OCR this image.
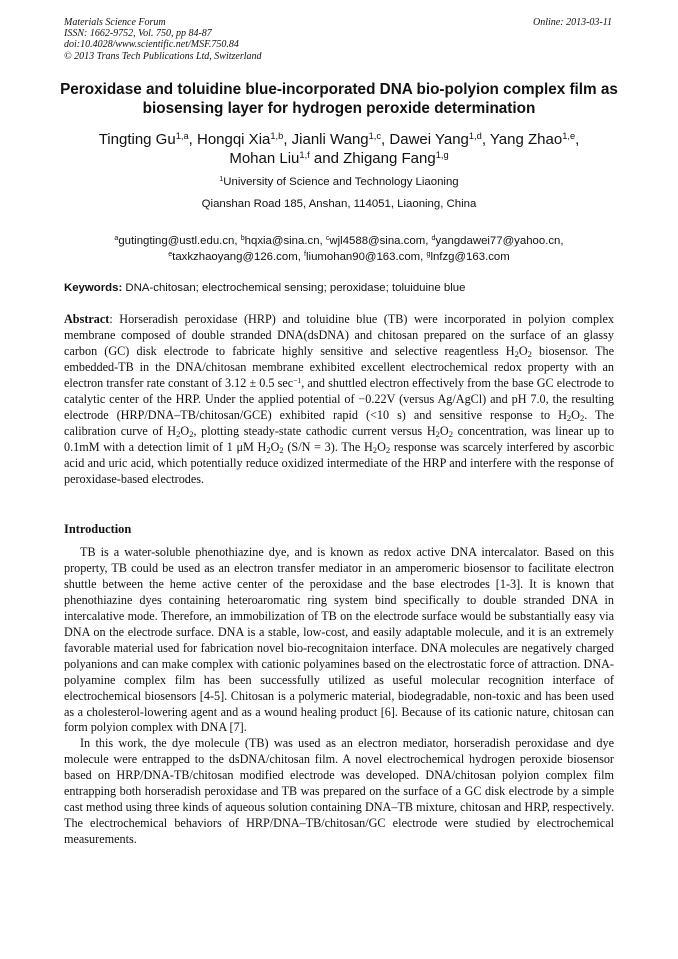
Materials Science Forum
ISSN: 1662-9752, Vol. 750, pp 84-87
doi:10.4028/www.scientific.net/MSF.750.84
© 2013 Trans Tech Publications Ltd, Switzerland
Online: 2013-03-11
Peroxidase and toluidine blue-incorporated DNA bio-polyion complex film as biosensing layer for hydrogen peroxide determination
Tingting Gu$^{1,a}$, Hongqi Xia$^{1,b}$, Jianli Wang$^{1,c}$, Dawei Yang$^{1,d}$, Yang Zhao$^{1,e}$,
Mohan Liu$^{1,f}$ and Zhigang Fang$^{1,g}$
$^1$University of Science and Technology Liaoning
Qianshan Road 185, Anshan, 114051, Liaoning, China
$^a$gutingting@ustl.edu.cn, $^b$hqxia@sina.cn, $^c$wjl4588@sina.com, $^d$yangdawei77@yahoo.cn,
$^e$taxkzhaoyang@126.com, $^f$liumohan90@163.com, $^g$lnfzg@163.com
Keywords: DNA-chitosan; electrochemical sensing; peroxidase; toluiduine blue

Abstract: Horseradish peroxidase (HRP) and toluidine blue (TB) were incorporated in polyion complex membrane composed of double stranded DNA(dsDNA) and chitosan prepared on the surface of an glassy carbon (GC) disk electrode to fabricate highly sensitive and selective reagentless $H_2O_2$ biosensor. The embedded-TB in the DNA/chitosan membrane exhibited excellent electrochemical redox property with an electron transfer rate constant of 3.12 ± 0.5 $\sec^{-1}$, and shuttled electron effectively from the base GC electrode to catalytic center of the HRP. Under the applied potential of −0.22V (versus Ag/AgCl) and pH 7.0, the resulting electrode (HRP/DNA–TB/chitosan/GCE) exhibited rapid (<10 s) and sensitive response to $H_2O_2$. The calibration curve of $H_2O_2$, plotting steady-state cathodic current versus $H_2O_2$ concentration, was linear up to 0.1mM with a detection limit of 1 μM $H_2O_2$ (S/N = 3). The $H_2O_2$ response was scarcely interfered by ascorbic acid and uric acid, which potentially reduce oxidized intermediate of the HRP and interfere with the response of peroxidase-based electrodes.

Introduction

TB is a water-soluble phenothiazine dye, and is known as redox active DNA intercalator. Based on this property, TB could be used as an electron transfer mediator in an amperomeric biosensor to facilitate electron shuttle between the heme active center of the peroxidase and the base electrodes [1-3]. It is known that phenothiazine dyes containing heteroaromatic ring system bind specifically to double stranded DNA in intercalative mode. Therefore, an immobilization of TB on the electrode surface would be substantially easy via DNA on the electrode surface. DNA is a stable, low-cost, and easily adaptable molecule, and it is an extremely favorable material used for fabrication novel bio-recognitaion interface. DNA molecules are negatively charged polyanions and can make complex with cationic polyamines based on the electrostatic force of attraction. DNA-polyamine complex film has been successfully utilized as useful molecular recognition interface of electrochemical biosensors [4-5]. Chitosan is a polymeric material, biodegradable, non-toxic and has been used as a cholesterol-lowering agent and as a wound healing product [6]. Because of its cationic nature, chitosan can form polyion complex with DNA [7].

In this work, the dye molecule (TB) was used as an electron mediator, horseradish peroxidase and dye molecule were entrapped to the dsDNA/chitosan film. A novel electrochemical hydrogen peroxide biosensor based on HRP/DNA-TB/chitosan modified electrode was developed. DNA/chitosan polyion complex film entrapping both horseradish peroxidase and TB was prepared on the surface of a GC disk electrode by a simple cast method using three kinds of aqueous solution containing DNA–TB mixture, chitosan and HRP, respectively. The electrochemical behaviors of HRP/DNA–TB/chitosan/GC electrode were studied by electrochemical measurements.
